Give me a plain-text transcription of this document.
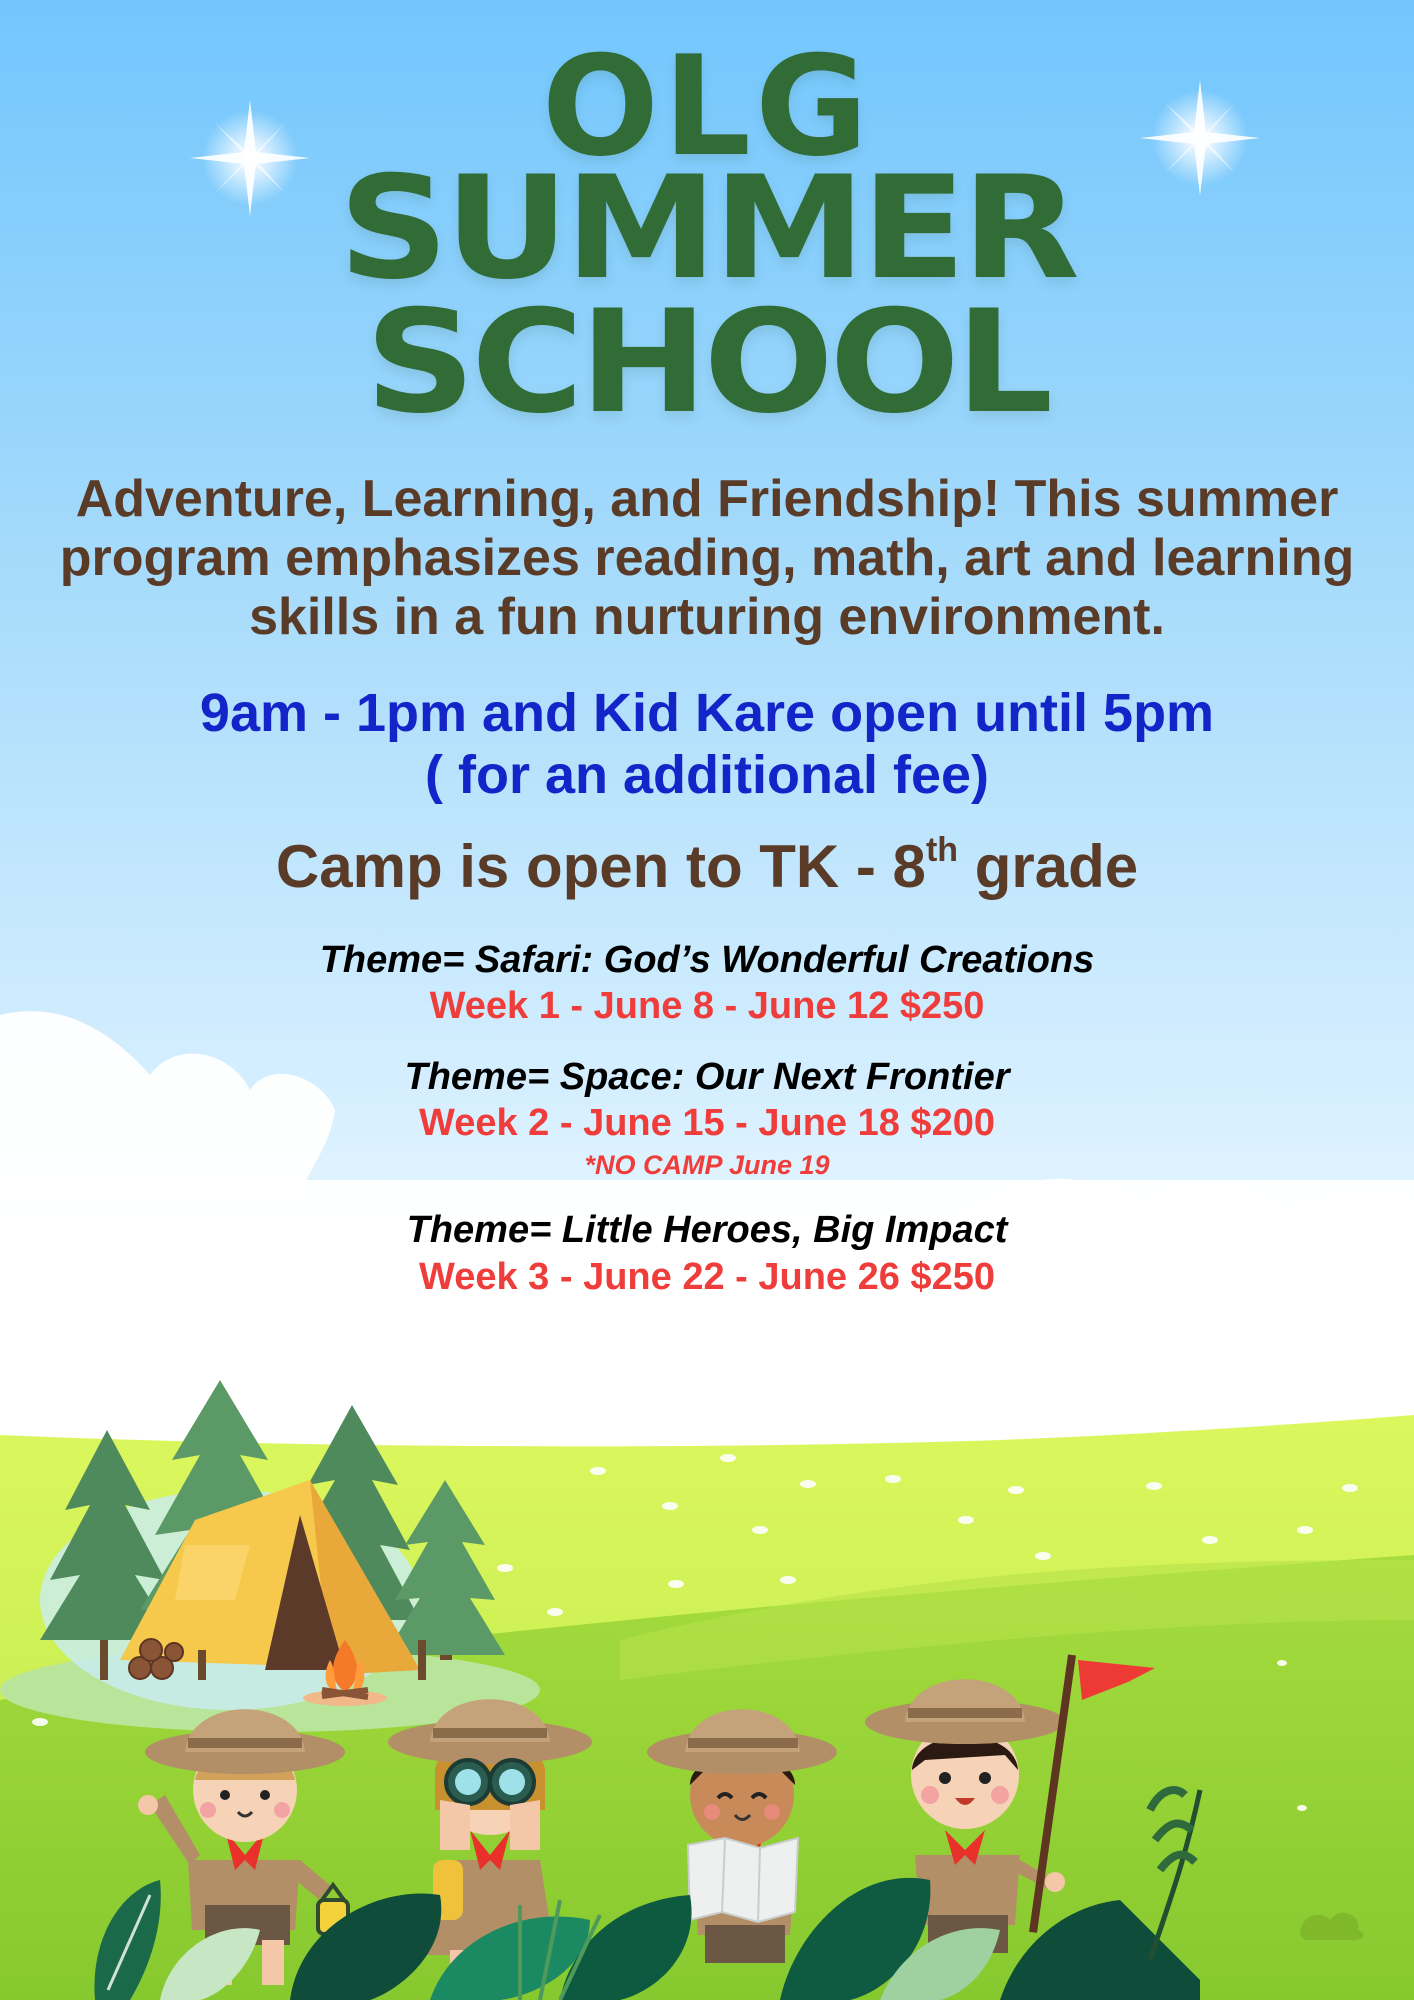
OLG
SUMMER
SCHOOL
Adventure, Learning, and Friendship! This summer program emphasizes reading, math, art and learning skills in a fun nurturing environment.
9am - 1pm and Kid Kare open until 5pm
( for an additional fee)
Camp is open to TK - 8th grade
Theme= Safari: God’s Wonderful Creations
Week 1 - June 8 - June 12 $250
Theme= Space: Our Next Frontier
Week 2 - June 15 - June 18 $200
*NO CAMP June 19
Theme= Little Heroes, Big Impact
Week 3 - June 22 - June 26 $250
